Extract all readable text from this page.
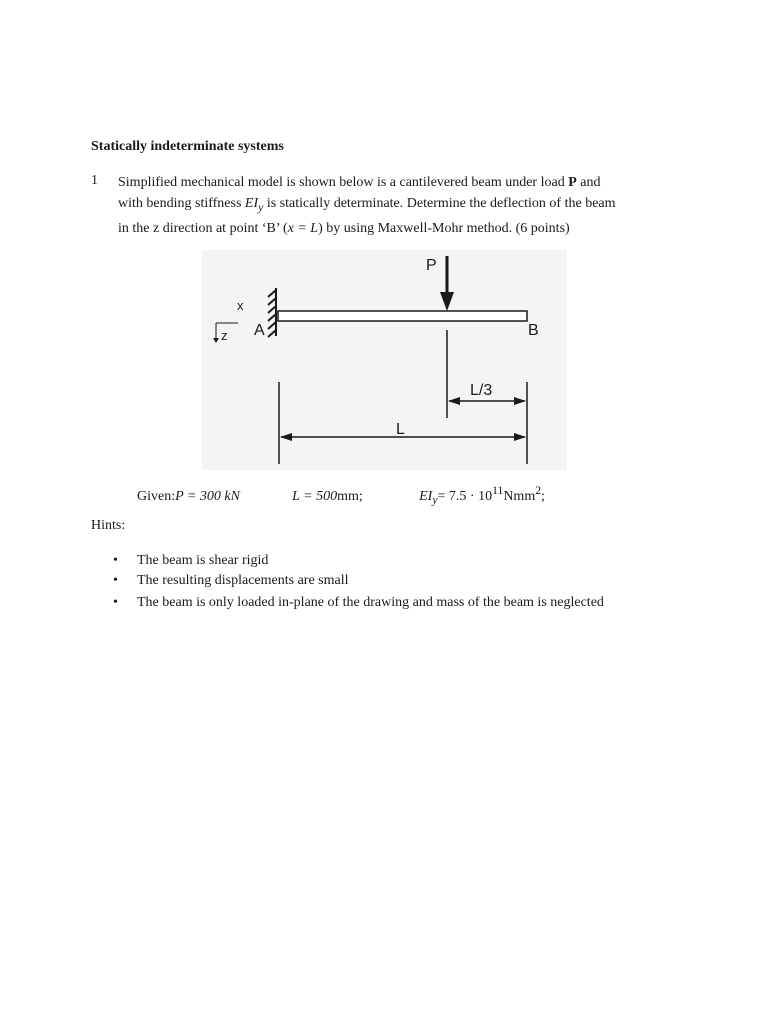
Statically indeterminate systems
1 Simplified mechanical model is shown below is a cantilevered beam under load P and
with bending stiffness $EI_y$ is statically determinate. Determine the deflection of the beam
in the z direction at point ‘B’ (x = L) by using Maxwell-Mohr method. (6 points)

P
x
z A	B
L/3
L
Given:P = 300 kN	L = 500mm;	$EI_y= 7.5 \cdot 10^{11}Nmm^2$;
Hints:
• The beam is shear rigid
• The resulting displacements are small
• The beam is only loaded in-plane of the drawing and mass of the beam is neglected
